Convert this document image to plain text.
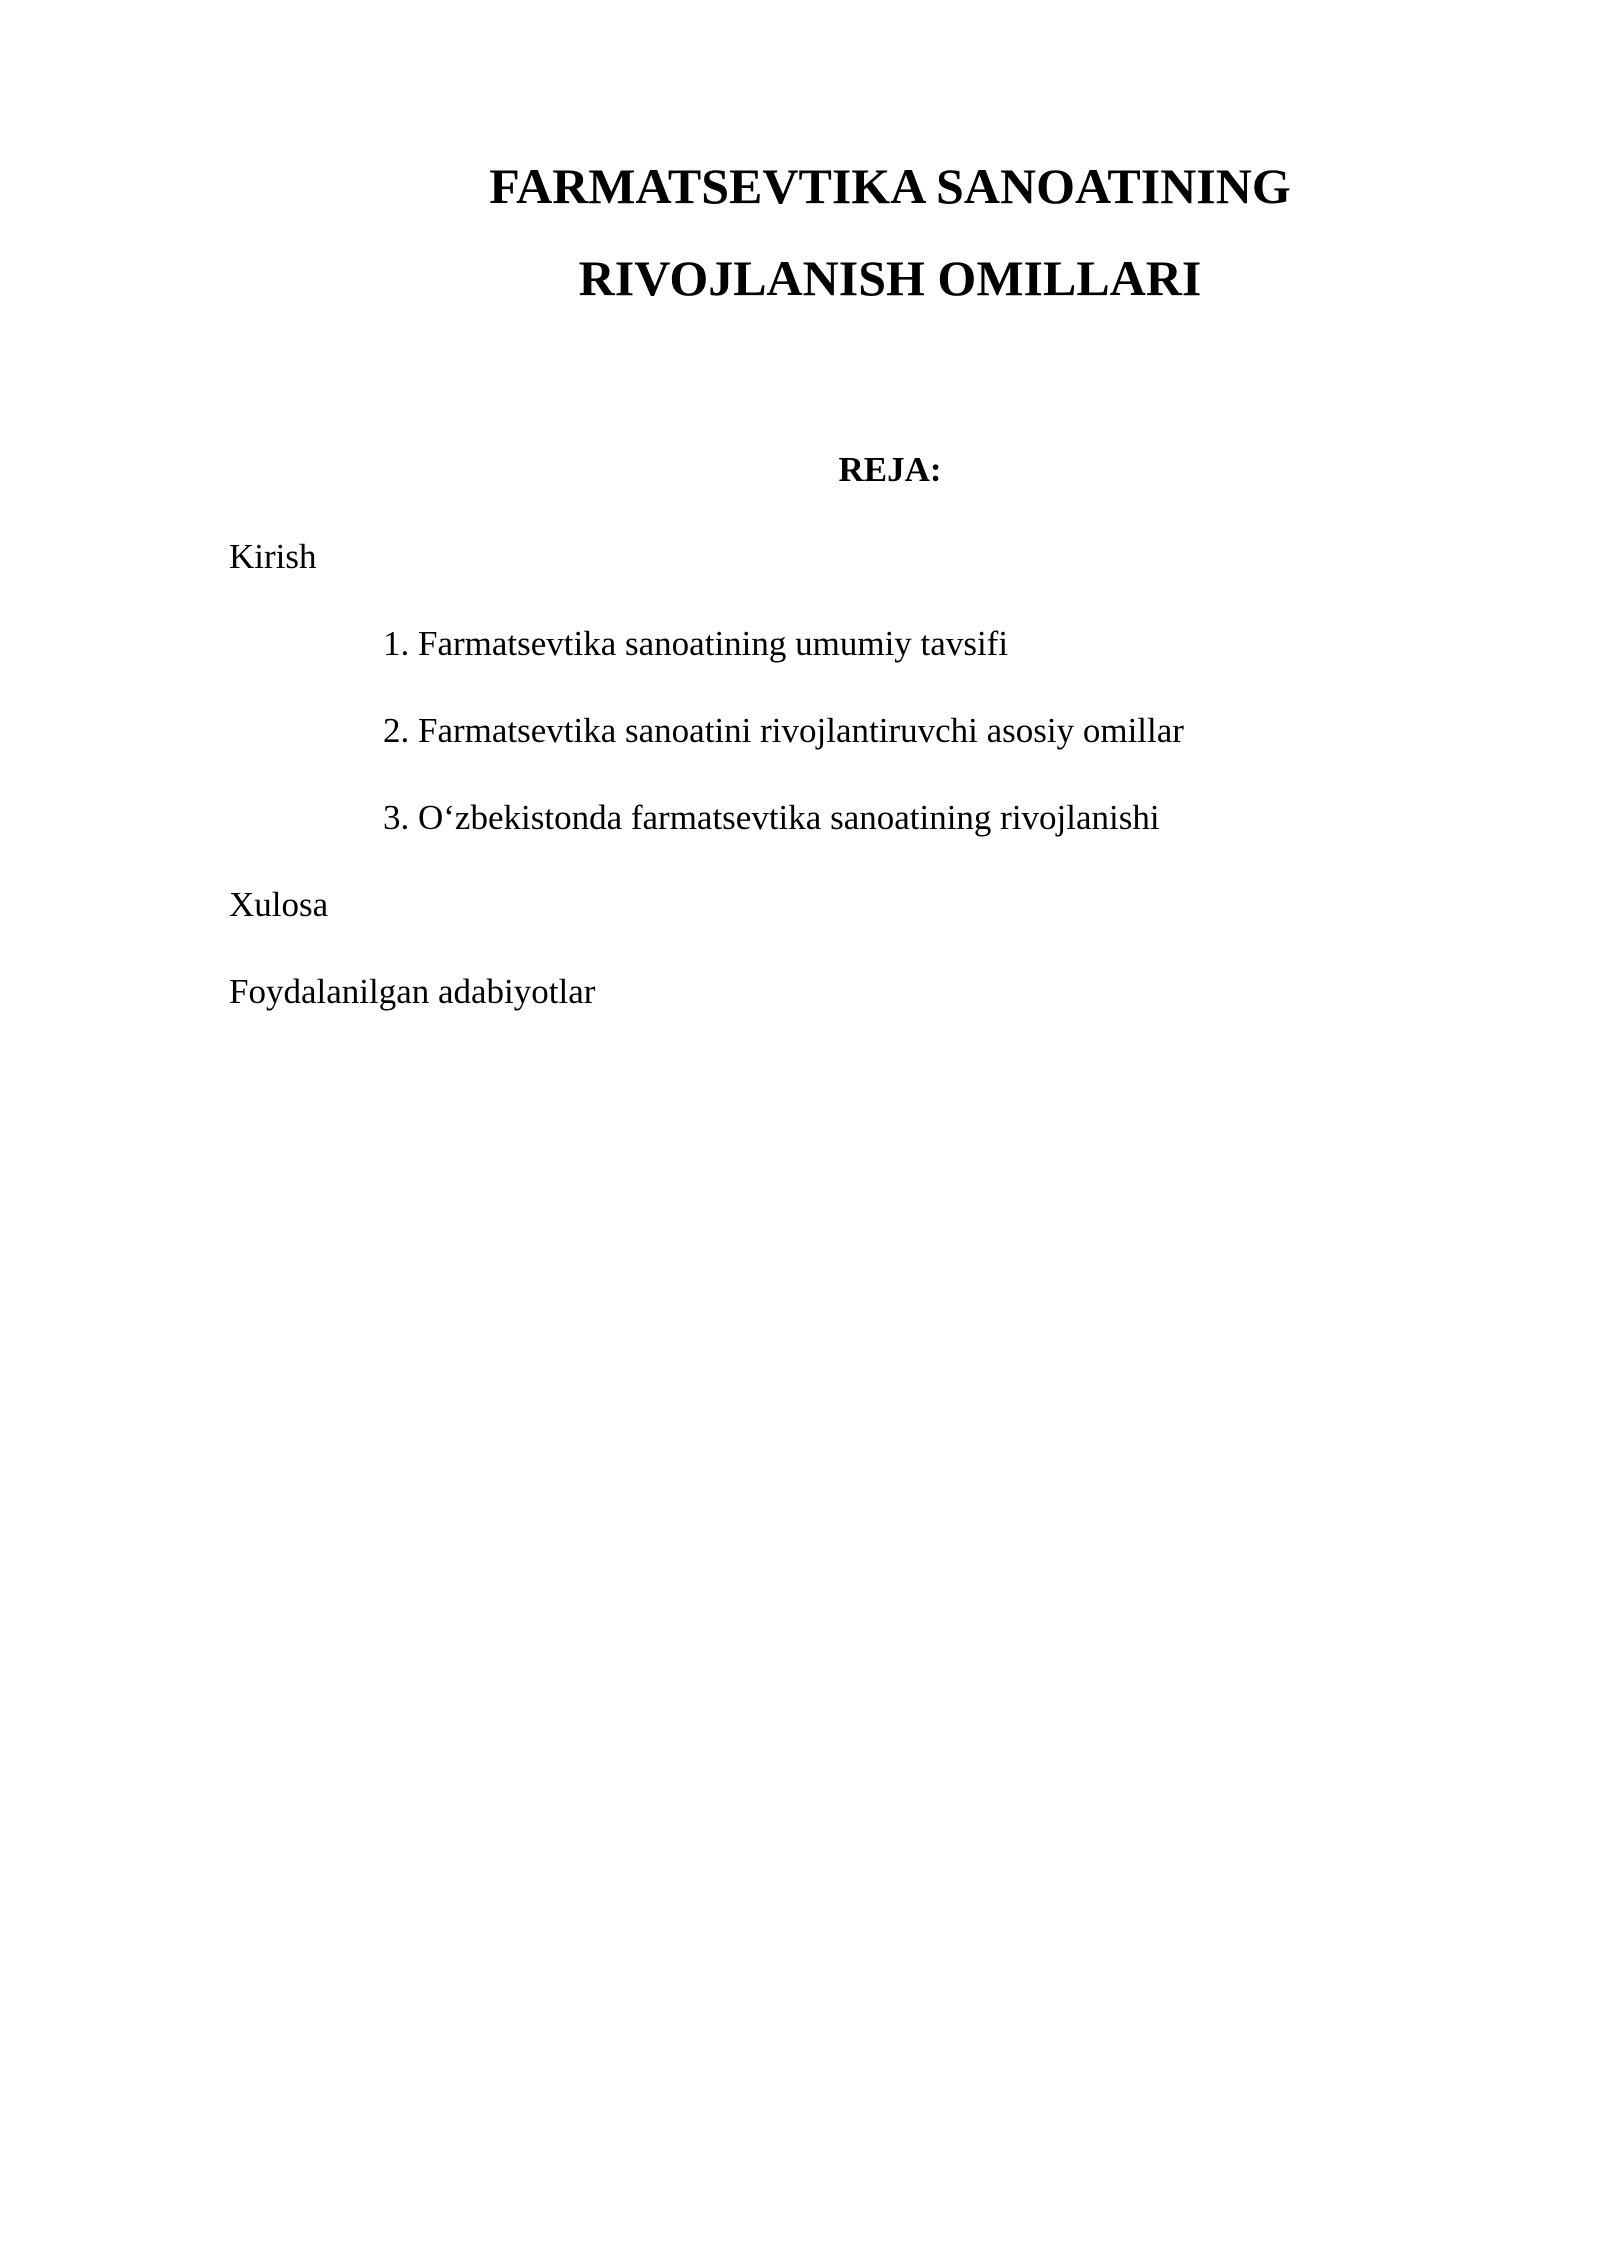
FARMATSEVTIKA SANOATINING
RIVOJLANISH OMILLARI
REJA:
Kirish
1. Farmatsevtika sanoatining umumiy tavsifi
2. Farmatsevtika sanoatini rivojlantiruvchi asosiy omillar
3. O‘zbekistonda farmatsevtika sanoatining rivojlanishi
Xulosa
Foydalanilgan adabiyotlar
